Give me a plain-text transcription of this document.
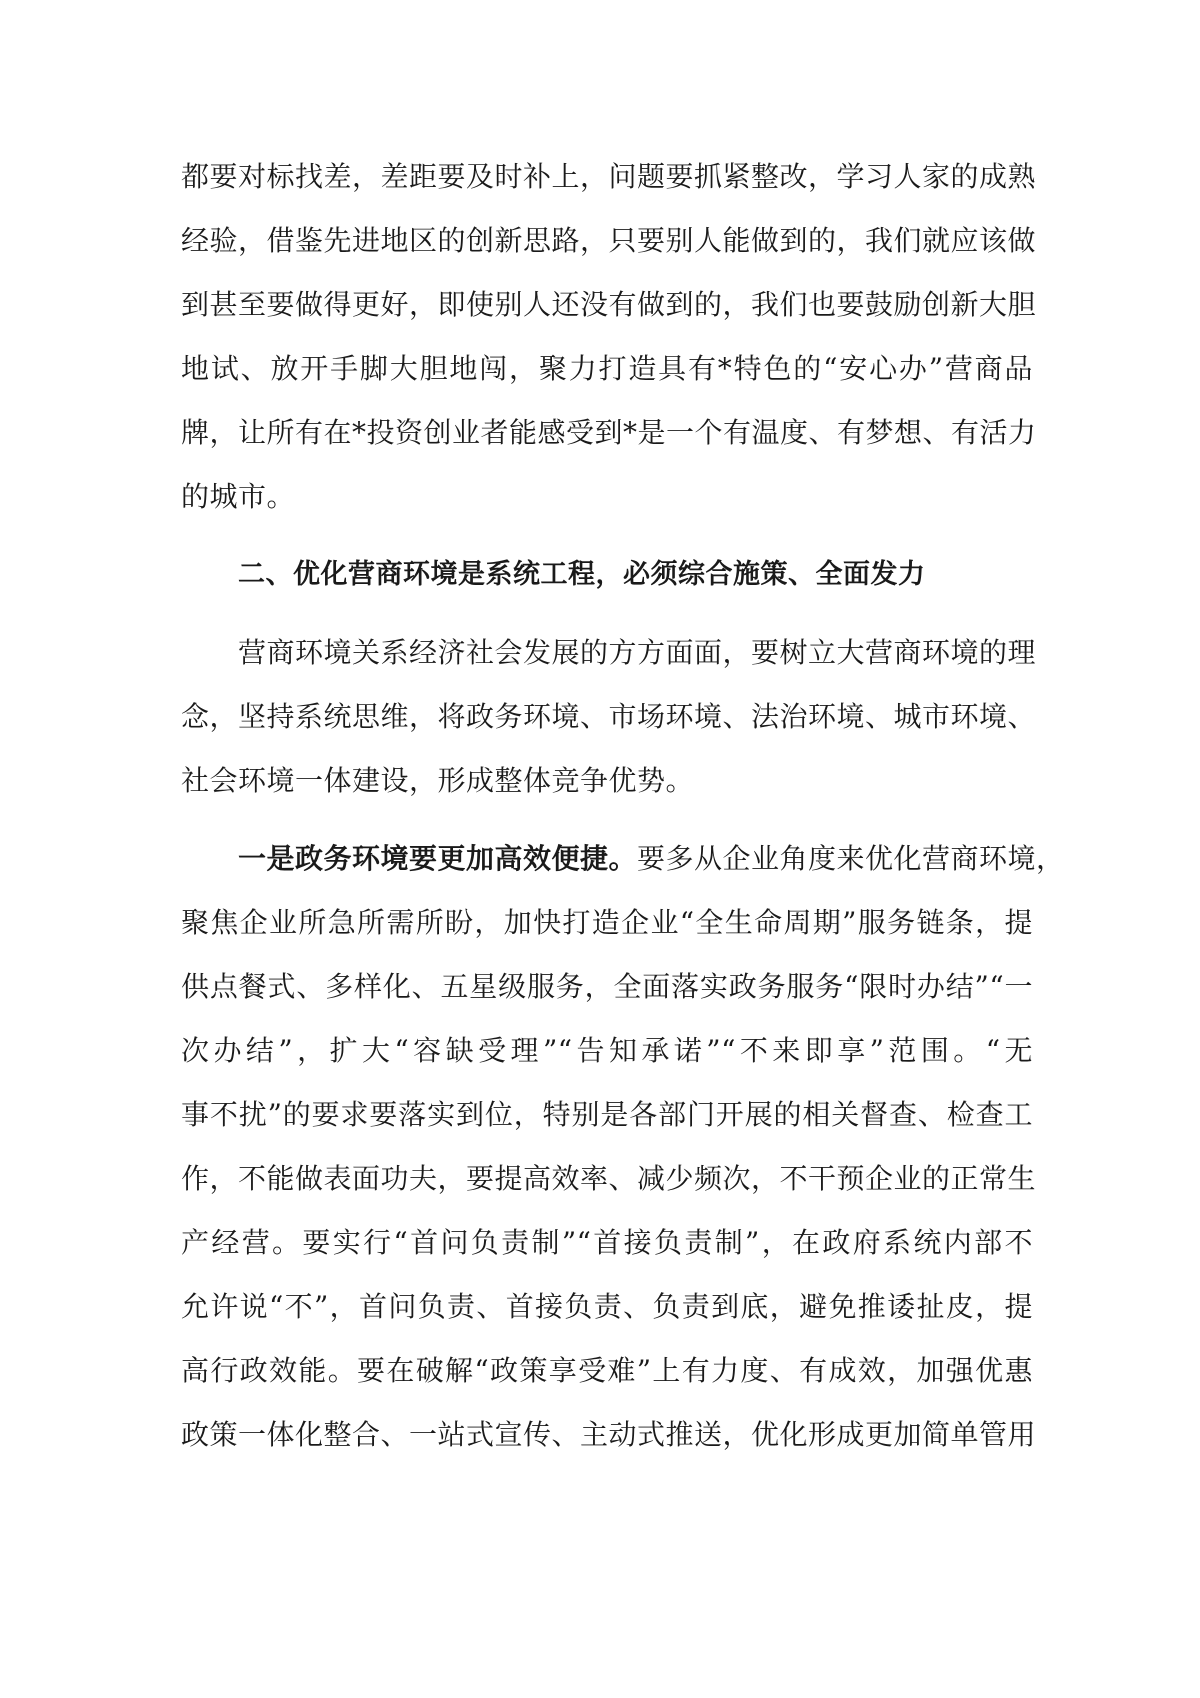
都要对标找差，差距要及时补上，问题要抓紧整改，学习人家的成熟
经验，借鉴先进地区的创新思路，只要别人能做到的，我们就应该做
到甚至要做得更好，即使别人还没有做到的，我们也要鼓励创新大胆
地试、放开手脚大胆地闯，聚力打造具有*特色的“安心办”营商品
牌，让所有在*投资创业者能感受到*是一个有温度、有梦想、有活力
的城市。
二、优化营商环境是系统工程，必须综合施策、全面发力
营商环境关系经济社会发展的方方面面，要树立大营商环境的理
念，坚持系统思维，将政务环境、市场环境、法治环境、城市环境、
社会环境一体建设，形成整体竞争优势。
一是政务环境要更加高效便捷。要多从企业角度来优化营商环境，
聚焦企业所急所需所盼，加快打造企业“全生命周期”服务链条，提
供点餐式、多样化、五星级服务，全面落实政务服务“限时办结”“一
次办结”，扩大“容缺受理”“告知承诺”“不来即享”范围。“无
事不扰”的要求要落实到位，特别是各部门开展的相关督查、检查工
作，不能做表面功夫，要提高效率、减少频次，不干预企业的正常生
产经营。要实行“首问负责制”“首接负责制”，在政府系统内部不
允许说“不”，首问负责、首接负责、负责到底，避免推诿扯皮，提
高行政效能。要在破解“政策享受难”上有力度、有成效，加强优惠
政策一体化整合、一站式宣传、主动式推送，优化形成更加简单管用
